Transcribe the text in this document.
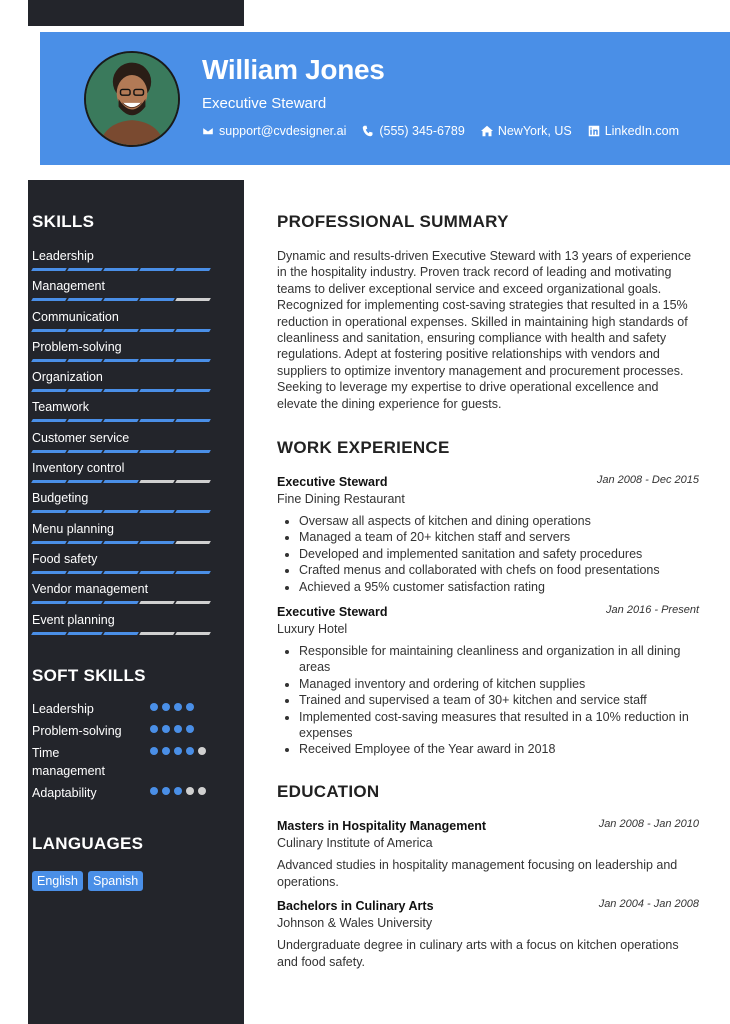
William Jones
Executive Steward
support@cvdesigner.ai	(555) 345-6789	NewYork, US	LinkedIn.com
SKILLS
Leadership
Management
Communication
Problem-solving
Organization
Teamwork
Customer service
Inventory control
Budgeting
Menu planning
Food safety
Vendor management
Event planning
SOFT SKILLS
Leadership
Problem-solving
Time management
Adaptability
LANGUAGES
English	Spanish
PROFESSIONAL SUMMARY
Dynamic and results-driven Executive Steward with 13 years of experience in the hospitality industry. Proven track record of leading and motivating teams to deliver exceptional service and exceed organizational goals. Recognized for implementing cost-saving strategies that resulted in a 15% reduction in operational expenses. Skilled in maintaining high standards of cleanliness and sanitation, ensuring compliance with health and safety regulations. Adept at fostering positive relationships with vendors and suppliers to optimize inventory management and procurement processes. Seeking to leverage my expertise to drive operational excellence and elevate the dining experience for guests.
WORK EXPERIENCE
Executive Steward	Jan 2008 - Dec 2015
Fine Dining Restaurant
• Oversaw all aspects of kitchen and dining operations
• Managed a team of 20+ kitchen staff and servers
• Developed and implemented sanitation and safety procedures
• Crafted menus and collaborated with chefs on food presentations
• Achieved a 95% customer satisfaction rating
Executive Steward	Jan 2016 - Present
Luxury Hotel
• Responsible for maintaining cleanliness and organization in all dining areas
• Managed inventory and ordering of kitchen supplies
• Trained and supervised a team of 30+ kitchen and service staff
• Implemented cost-saving measures that resulted in a 10% reduction in expenses
• Received Employee of the Year award in 2018
EDUCATION
Masters in Hospitality Management	Jan 2008 - Jan 2010
Culinary Institute of America
Advanced studies in hospitality management focusing on leadership and operations.
Bachelors in Culinary Arts	Jan 2004 - Jan 2008
Johnson & Wales University
Undergraduate degree in culinary arts with a focus on kitchen operations and food safety.
